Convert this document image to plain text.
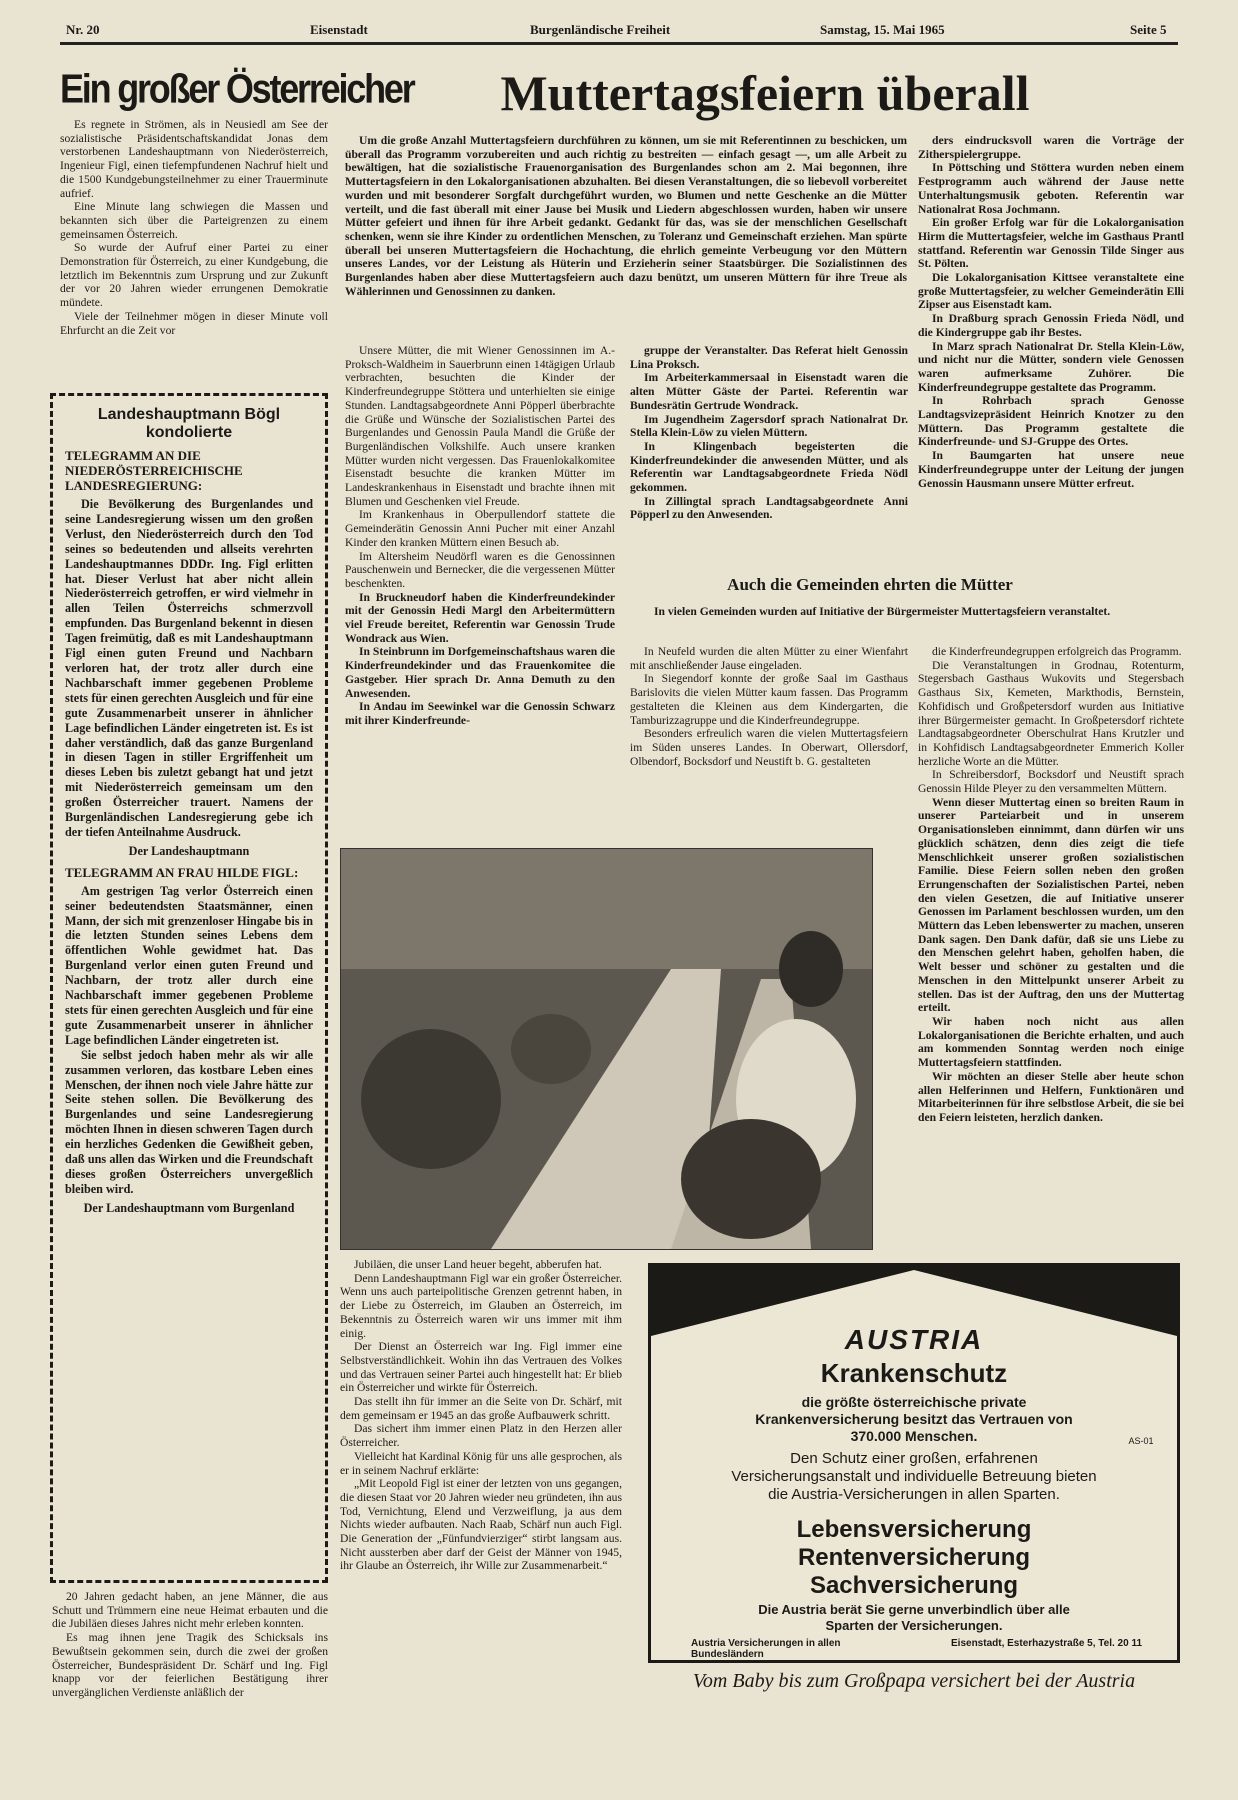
Nr. 20	Eisenstadt	Burgenländische Freiheit	Samstag, 15. Mai 1965	Seite 5
Ein großer Österreicher

Es regnete in Strömen, als in Neusiedl am See der sozialistische Präsidentschaftskandidat Jonas dem verstorbenen Landeshauptmann von Niederösterreich, Ingenieur Figl, einen tiefempfundenen Nachruf hielt und die 1500 Kundgebungsteilnehmer zu einer Trauerminute aufrief.

Eine Minute lang schwiegen die Massen und bekannten sich über die Parteigrenzen zu einem gemeinsamen Österreich.

So wurde der Aufruf einer Partei zu einer Demonstration für Österreich, zu einer Kundgebung, die letztlich im Bekenntnis zum Ursprung und zur Zukunft der vor 20 Jahren wieder errungenen Demokratie mündete.

Viele der Teilnehmer mögen in dieser Minute voll Ehrfurcht an die Zeit vor

Landeshauptmann Bögl kondolierte
TELEGRAMM AN DIE NIEDERÖSTERREICHISCHE LANDESREGIERUNG:

Die Bevölkerung des Burgenlandes und seine Landesregierung wissen um den großen Verlust, den Niederösterreich durch den Tod seines so bedeutenden und allseits verehrten Landeshauptmannes DDDr. Ing. Figl erlitten hat. Dieser Verlust hat aber nicht allein Niederösterreich getroffen, er wird vielmehr in allen Teilen Österreichs schmerzvoll empfunden. Das Burgenland bekennt in diesen Tagen freimütig, daß es mit Landeshauptmann Figl einen guten Freund und Nachbarn verloren hat, der trotz aller durch eine Nachbarschaft immer gegebenen Probleme stets für einen gerechten Ausgleich und für eine gute Zusammenarbeit unserer in ähnlicher Lage befindlichen Länder eingetreten ist. Es ist daher verständlich, daß das ganze Burgenland in diesen Tagen in stiller Ergriffenheit um dieses Leben bis zuletzt gebangt hat und jetzt mit Niederösterreich gemeinsam um den großen Österreicher trauert. Namens der Burgenländischen Landesregierung gebe ich der tiefen Anteilnahme Ausdruck.

Der Landeshauptmann

TELEGRAMM AN FRAU HILDE FIGL:

Am gestrigen Tag verlor Österreich einen seiner bedeutendsten Staatsmänner, einen Mann, der sich mit grenzenloser Hingabe bis in die letzten Stunden seines Lebens dem öffentlichen Wohle gewidmet hat. Das Burgenland verlor einen guten Freund und Nachbarn, der trotz aller durch eine Nachbarschaft immer gegebenen Probleme stets für einen gerechten Ausgleich und für eine gute Zusammenarbeit unserer in ähnlicher Lage befindlichen Länder eingetreten ist.

Sie selbst jedoch haben mehr als wir alle zusammen verloren, das kostbare Leben eines Menschen, der ihnen noch viele Jahre hätte zur Seite stehen sollen. Die Bevölkerung des Burgenlandes und seine Landesregierung möchten Ihnen in diesen schweren Tagen durch ein herzliches Gedenken die Gewißheit geben, daß uns allen das Wirken und die Freundschaft dieses großen Österreichers unvergeßlich bleiben wird.

Der Landeshauptmann vom Burgenland

20 Jahren gedacht haben, an jene Männer, die aus Schutt und Trümmern eine neue Heimat erbauten und die die Jubiläen dieses Jahres nicht mehr erleben konnten.

Es mag ihnen jene Tragik des Schicksals ins Bewußtsein gekommen sein, durch die zwei der großen Österreicher, Bundespräsident Dr. Schärf und Ing. Figl knapp vor der feierlichen Bestätigung ihrer unvergänglichen Verdienste anläßlich der

Muttertagsfeiern überall

Um die große Anzahl Muttertagsfeiern durchführen zu können, um sie mit Referentinnen zu beschicken, um überall das Programm vorzubereiten und auch richtig zu bestreiten — einfach gesagt —, um alle Arbeit zu bewältigen, hat die sozialistische Frauenorganisation des Burgenlandes schon am 2. Mai begonnen, ihre Muttertagsfeiern in den Lokalorganisationen abzuhalten. Bei diesen Veranstaltungen, die so liebevoll vorbereitet wurden und mit besonderer Sorgfalt durchgeführt wurden, wo Blumen und nette Geschenke an die Mütter verteilt, und die fast überall mit einer Jause bei Musik und Liedern abgeschlossen wurden, haben wir unsere Mütter gefeiert und ihnen für ihre Arbeit gedankt. Gedankt für das, was sie der menschlichen Gesellschaft schenken, wenn sie ihre Kinder zu ordentlichen Menschen, zu Toleranz und Gemeinschaft erziehen. Man spürte überall bei unseren Muttertagsfeiern die Hochachtung, die ehrlich gemeinte Verbeugung vor den Müttern unseres Landes, vor der Leistung als Hüterin und Erzieherin seiner Staatsbürger. Die Sozialistinnen des Burgenlandes haben aber diese Muttertagsfeiern auch dazu benützt, um unseren Müttern für ihre Treue als Wählerinnen und Genossinnen zu danken.

Unsere Mütter, die mit Wiener Genossinnen im A.-Proksch-Waldheim in Sauerbrunn einen 14tägigen Urlaub verbrachten, besuchten die Kinder der Kinderfreundegruppe Stöttera und unterhielten sie einige Stunden. Landtagsabgeordnete Anni Pöpperl überbrachte die Grüße und Wünsche der Sozialistischen Partei des Burgenlandes und Genossin Paula Mandl die Grüße der Burgenländischen Volkshilfe. Auch unsere kranken Mütter wurden nicht vergessen. Das Frauenlokalkomitee Eisenstadt besuchte die kranken Mütter im Landeskrankenhaus in Eisenstadt und brachte ihnen mit Blumen und Geschenken viel Freude.

Im Krankenhaus in Oberpullendorf stattete die Gemeinderätin Genossin Anni Pucher mit einer Anzahl Kinder den kranken Müttern einen Besuch ab.

Im Altersheim Neudörfl waren es die Genossinnen Pauschenwein und Bernecker, die die vergessenen Mütter beschenkten.

In Bruckneudorf haben die Kinderfreundekinder mit der Genossin Hedi Margl den Arbeitermüttern viel Freude bereitet, Referentin war Genossin Trude Wondrack aus Wien.

In Steinbrunn im Dorfgemeinschaftshaus waren die Kinderfreundekinder und das Frauenkomitee die Gastgeber. Hier sprach Dr. Anna Demuth zu den Anwesenden.

In Andau im Seewinkel war die Genossin Schwarz mit ihrer Kinderfreunde-

gruppe der Veranstalter. Das Referat hielt Genossin Lina Proksch.

Im Arbeiterkammersaal in Eisenstadt waren die alten Mütter Gäste der Partei. Referentin war Bundesrätin Gertrude Wondrack.

Im Jugendheim Zagersdorf sprach Nationalrat Dr. Stella Klein-Löw zu vielen Müttern.

In Klingenbach begeisterten die Kinderfreundekinder die anwesenden Mütter, und als Referentin war Landtagsabgeordnete Frieda Nödl gekommen.

In Zillingtal sprach Landtagsabgeordnete Anni Pöpperl zu den Anwesenden.

ders eindrucksvoll waren die Vorträge der Zitherspielergruppe.

In Pöttsching und Stöttera wurden neben einem Festprogramm auch während der Jause nette Unterhaltungsmusik geboten. Referentin war Nationalrat Rosa Jochmann.

Ein großer Erfolg war für die Lokalorganisation Hirm die Muttertagsfeier, welche im Gasthaus Prantl stattfand. Referentin war Genossin Tilde Singer aus St. Pölten.

Die Lokalorganisation Kittsee veranstaltete eine große Muttertagsfeier, zu welcher Gemeinderätin Elli Zipser aus Eisenstadt kam.

In Draßburg sprach Genossin Frieda Nödl, und die Kindergruppe gab ihr Bestes.

In Marz sprach Nationalrat Dr. Stella Klein-Löw, und nicht nur die Mütter, sondern viele Genossen waren aufmerksame Zuhörer. Die Kinderfreundegruppe gestaltete das Programm.

In Rohrbach sprach Genosse Landtagsvizepräsident Heinrich Knotzer zu den Müttern. Das Programm gestaltete die Kinderfreunde- und SJ-Gruppe des Ortes.

In Baumgarten hat unsere neue Kinderfreundegruppe unter der Leitung der jungen Genossin Hausmann unsere Mütter erfreut.

Auch die Gemeinden ehrten die Mütter

In vielen Gemeinden wurden auf Initiative der Bürgermeister Muttertagsfeiern veranstaltet.

In Neufeld wurden die alten Mütter zu einer Wienfahrt mit anschließender Jause eingeladen.

In Siegendorf konnte der große Saal im Gasthaus Barislovits die vielen Mütter kaum fassen. Das Programm gestalteten die Kleinen aus dem Kindergarten, die Tamburizzagruppe und die Kinderfreundegruppe.

Besonders erfreulich waren die vielen Muttertagsfeiern im Süden unseres Landes. In Oberwart, Ollersdorf, Olbendorf, Bocksdorf und Neustift b. G. gestalteten

die Kinderfreundegruppen erfolgreich das Programm.

Die Veranstaltungen in Grodnau, Rotenturm, Stegersbach Gasthaus Wukovits und Stegersbach Gasthaus Six, Kemeten, Markthodis, Bernstein, Kohfidisch und Großpetersdorf wurden aus Initiative ihrer Bürgermeister gemacht. In Großpetersdorf richtete Landtagsabgeordneter Oberschulrat Hans Krutzler und in Kohfidisch Landtagsabgeordneter Emmerich Koller herzliche Worte an die Mütter.

In Schreibersdorf, Bocksdorf und Neustift sprach Genossin Hilde Pleyer zu den versammelten Müttern.

Wenn dieser Muttertag einen so breiten Raum in unserer Parteiarbeit und in unserem Organisationsleben einnimmt, dann dürfen wir uns glücklich schätzen, denn dies zeigt die tiefe Menschlichkeit unserer großen sozialistischen Familie. Diese Feiern sollen neben den großen Errungenschaften der Sozialistischen Partei, neben den vielen Gesetzen, die auf Initiative unserer Genossen im Parlament beschlossen wurden, um den Müttern das Leben lebenswerter zu machen, unseren Dank sagen. Den Dank dafür, daß sie uns Liebe zu den Menschen gelehrt haben, geholfen haben, die Welt besser und schöner zu gestalten und die Menschen in den Mittelpunkt unserer Arbeit zu stellen. Das ist der Auftrag, den uns der Muttertag erteilt.

Wir haben noch nicht aus allen Lokalorganisationen die Berichte erhalten, und auch am kommenden Sonntag werden noch einige Muttertagsfeiern stattfinden.

Wir möchten an dieser Stelle aber heute schon allen Helferinnen und Helfern, Funktionären und Mitarbeiterinnen für ihre selbstlose Arbeit, die sie bei den Feiern leisteten, herzlich danken.

Jubiläen, die unser Land heuer begeht, abberufen hat.

Denn Landeshauptmann Figl war ein großer Österreicher. Wenn uns auch parteipolitische Grenzen getrennt haben, in der Liebe zu Österreich, im Glauben an Österreich, im Bekenntnis zu Österreich waren wir uns immer mit ihm einig.

Der Dienst an Österreich war Ing. Figl immer eine Selbstverständlichkeit. Wohin ihn das Vertrauen des Volkes und das Vertrauen seiner Partei auch hingestellt hat: Er blieb ein Österreicher und wirkte für Österreich.

Das stellt ihn für immer an die Seite von Dr. Schärf, mit dem gemeinsam er 1945 an das große Aufbauwerk schritt.

Das sichert ihm immer einen Platz in den Herzen aller Österreicher.

Vielleicht hat Kardinal König für uns alle gesprochen, als er in seinem Nachruf erklärte:

„Mit Leopold Figl ist einer der letzten von uns gegangen, die diesen Staat vor 20 Jahren wieder neu gründeten, ihn aus Tod, Vernichtung, Elend und Verzweiflung, ja aus dem Nichts wieder aufbauten. Nach Raab, Schärf nun auch Figl. Die Generation der „Fünfundvierziger“ stirbt langsam aus. Nicht aussterben aber darf der Geist der Männer von 1945, ihr Glaube an Österreich, ihr Wille zur Zusammenarbeit.“

AUSTRIA
Krankenschutz
die größte österreichische private Krankenversicherung besitzt das Vertrauen von 370.000 Menschen.
Den Schutz einer großen, erfahrenen Versicherungsanstalt und individuelle Betreuung bieten die Austria-Versicherungen in allen Sparten.
Lebensversicherung
Rentenversicherung
Sachversicherung
Die Austria berät Sie gerne unverbindlich über alle Sparten der Versicherungen.
Austria Versicherungen in allen Bundesländern
Eisenstadt, Esterhazystraße 5, Tel. 20 11
AS-01
Vom Baby bis zum Großpapa versichert bei der Austria
